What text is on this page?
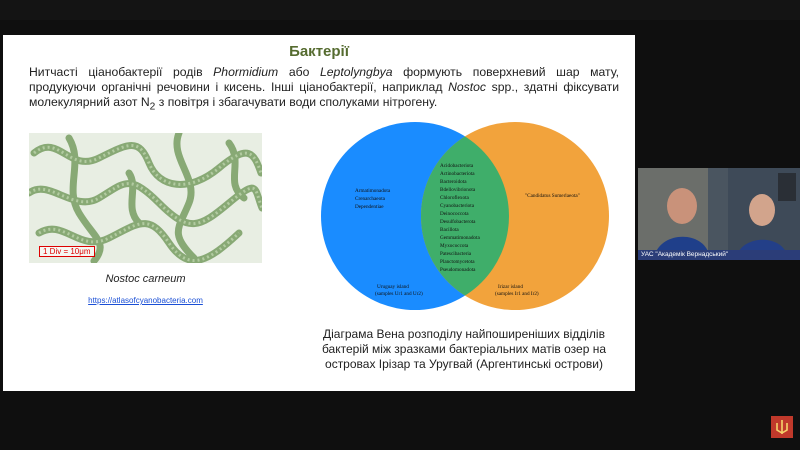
Бактерії
Нитчасті ціанобактерії родів Phormidium або Leptolyngbya формують поверхневий шар мату, продукуючи органічні речовини і кисень. Інші ціанобактерії, наприклад Nostoc spp., здатні фіксувати молекулярний азот $N_2$ з повітря і збагачувати води сполуками нітрогену.
1 Div = 10μm
Nostoc carneum
https://atlasofcyanobacteria.com
Armatimonadota
Crenarchaeota
Dependentiae
Acidobacteriota
Actinobacteriota
Bacteroidota
Bdellovibrionota
Chloroflexota
Cyanobacteriota
Deinococcota
Desulfobacterota
Bacillota
Gemmatimonadota
Myxococcota
Patescibacteria
Planctomycetota
Pseudomonadota
"Candidatus Sumerlaeota"
Uruguay island
(samples Ur1 and Ur2)
Irizar island
(samples Ir1 and Ir2)
Діаграма Вена розподілу найпоширеніших відділів бактерій між зразками бактеріальних матів озер на островах Ірізар та Уругвай (Аргентинські острови)
УАС "Академік Вернадський"
